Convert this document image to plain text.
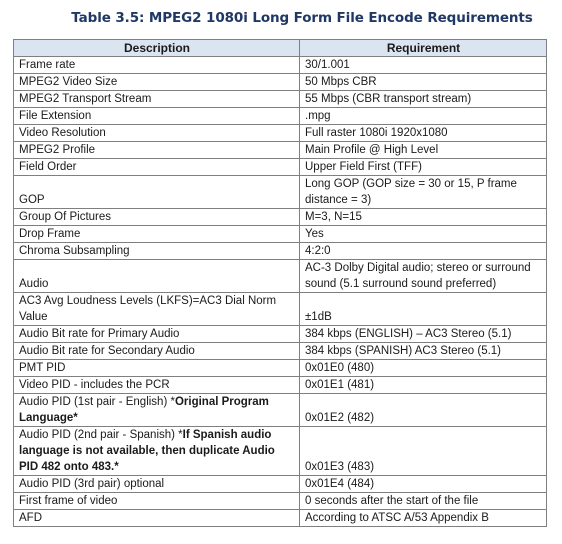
Table 3.5: MPEG2 1080i Long Form File Encode Requirements
Description	Requirement
Frame rate	30/1.001
MPEG2 Video Size	50 Mbps CBR
MPEG2 Transport Stream	55 Mbps (CBR transport stream)
File Extension	.mpg
Video Resolution	Full raster 1080i 1920x1080
MPEG2 Profile	Main Profile @ High Level
Field Order	Upper Field First (TFF)
GOP	Long GOP (GOP size = 30 or 15, P frame distance = 3)
Group Of Pictures	M=3, N=15
Drop Frame	Yes
Chroma Subsampling	4:2:0
Audio	AC-3 Dolby Digital audio; stereo or surround sound (5.1 surround sound preferred)
AC3 Avg Loudness Levels (LKFS)=AC3 Dial Norm Value	±1dB
Audio Bit rate for Primary Audio	384 kbps (ENGLISH) – AC3 Stereo (5.1)
Audio Bit rate for Secondary Audio	384 kbps (SPANISH) AC3 Stereo (5.1)
PMT PID	0x01E0 (480)
Video PID - includes the PCR	0x01E1 (481)
Audio PID (1st pair - English) *Original Program Language*	0x01E2 (482)
Audio PID (2nd pair - Spanish) *If Spanish audio language is not available, then duplicate Audio PID 482 onto 483.*	0x01E3 (483)
Audio PID (3rd pair) optional	0x01E4 (484)
First frame of video	0 seconds after the start of the file
AFD	According to ATSC A/53 Appendix B
